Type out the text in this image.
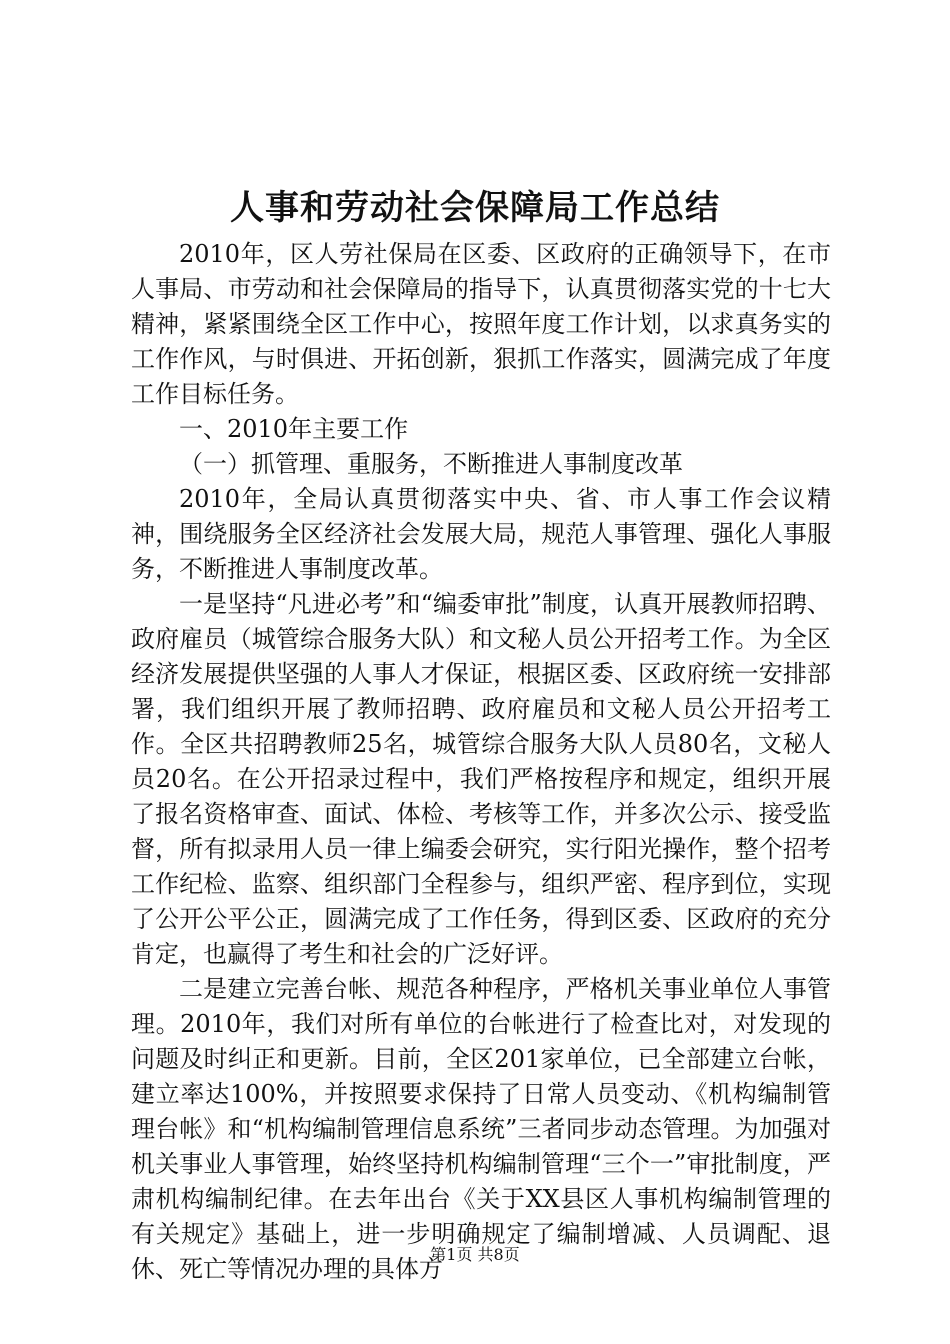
人事和劳动社会保障局工作总结

2010年，区人劳社保局在区委、区政府的正确领导下，在市人事局、市劳动和社会保障局的指导下，认真贯彻落实党的十七大精神，紧紧围绕全区工作中心，按照年度工作计划，以求真务实的工作作风，与时俱进、开拓创新，狠抓工作落实，圆满完成了年度工作目标任务。

一、2010年主要工作

（一）抓管理、重服务，不断推进人事制度改革

2010年，全局认真贯彻落实中央、省、市人事工作会议精神，围绕服务全区经济社会发展大局，规范人事管理、强化人事服务，不断推进人事制度改革。

一是坚持“凡进必考”和“编委审批”制度，认真开展教师招聘、政府雇员（城管综合服务大队）和文秘人员公开招考工作。为全区经济发展提供坚强的人事人才保证，根据区委、区政府统一安排部署，我们组织开展了教师招聘、政府雇员和文秘人员公开招考工作。全区共招聘教师25名，城管综合服务大队人员80名，文秘人员20名。在公开招录过程中，我们严格按程序和规定，组织开展了报名资格审查、面试、体检、考核等工作，并多次公示、接受监督，所有拟录用人员一律上编委会研究，实行阳光操作，整个招考工作纪检、监察、组织部门全程参与，组织严密、程序到位，实现了公开公平公正，圆满完成了工作任务，得到区委、区政府的充分肯定，也赢得了考生和社会的广泛好评。

二是建立完善台帐、规范各种程序，严格机关事业单位人事管理。2010年，我们对所有单位的台帐进行了检查比对，对发现的问题及时纠正和更新。目前，全区201家单位，已全部建立台帐，建立率达100%，并按照要求保持了日常人员变动、《机构编制管理台帐》和“机构编制管理信息系统”三者同步动态管理。为加强对机关事业人事管理，始终坚持机构编制管理“三个一”审批制度，严肃机构编制纪律。在去年出台《关于XX县区人事机构编制管理的有关规定》基础上，进一步明确规定了编制增减、人员调配、退休、死亡等情况办理的具体方

第1页 共8页
